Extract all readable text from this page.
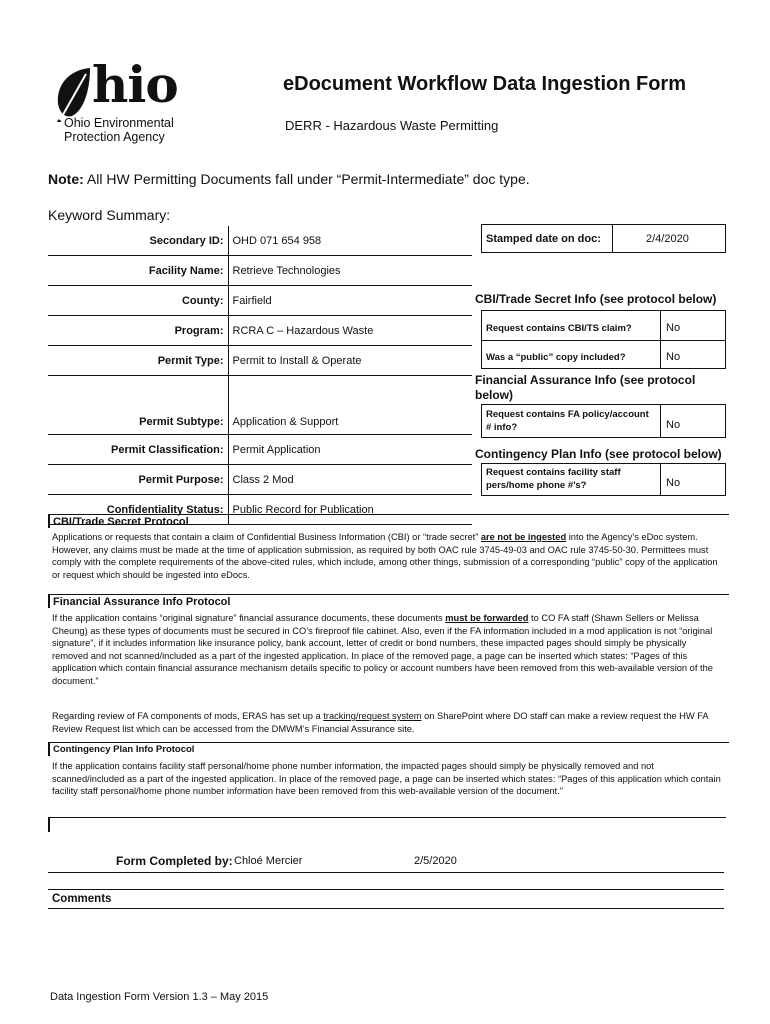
hio
Ohio Environmental
Protection Agency
eDocument Workflow Data Ingestion Form
DERR - Hazardous Waste Permitting
Note: All HW Permitting Documents fall under “Permit-Intermediate” doc type.
Keyword Summary:
Secondary ID:	OHD 071 654 958
Facility Name:	Retrieve Technologies
County:	Fairfield
Program:	RCRA C – Hazardous Waste
Permit Type:	Permit to Install & Operate
Permit Subtype:	Application & Support
Permit Classification:	Permit Application
Permit Purpose:	Class 2 Mod
Confidentiality Status:	Public Record for Publication
Stamped date on doc:	2/4/2020
CBI/Trade Secret Info (see protocol below)
Request contains CBI/TS claim?	No
Was a “public” copy included?	No
Financial Assurance Info (see protocol
below)
Request contains FA policy/account
# info?	No
Contingency Plan Info (see protocol below)
Request contains facility staff
pers/home phone #’s?	No
CBI/Trade Secret Protocol
Applications or requests that contain a claim of Confidential Business Information (CBI) or “trade secret” are not be ingested into the Agency’s eDoc system. However, any claims must be made at the time of application submission, as required by both OAC rule 3745-49-03 and OAC rule 3745-50-30. Permittees must comply with the complete requirements of the above-cited rules, which include, among other things, submission of a corresponding “public” copy of the application or request which should be ingested into eDocs.
Financial Assurance Info Protocol
If the application contains “original signature” financial assurance documents, these documents must be forwarded to CO FA staff (Shawn Sellers or Melissa Cheung) as these types of documents must be secured in CO’s fireproof file cabinet. Also, even if the FA information included in a mod application is not “original signature”, if it includes information like insurance policy, bank account, letter of credit or bond numbers, these impacted pages should simply be physically removed and not scanned/included as a part of the ingested application. In place of the removed page, a page can be inserted which states: “Pages of this application which contain financial assurance mechanism details specific to policy or account numbers have been removed from this web-available version of the document.”
Regarding review of FA components of mods, ERAS has set up a tracking/request system on SharePoint where DO staff can make a review request the HW FA Review Request list which can be accessed from the DMWM’s Financial Assurance site.
Contingency Plan Info Protocol
If the application contains facility staff personal/home phone number information, the impacted pages should simply be physically removed and not scanned/included as a part of the ingested application. In place of the removed page, a page can be inserted which states: “Pages of this application which contain facility staff personal/home phone number information have been removed from this web-available version of the document.”
Form Completed by: Chloé Mercier	2/5/2020
Comments
Data Ingestion Form Version 1.3 – May 2015
